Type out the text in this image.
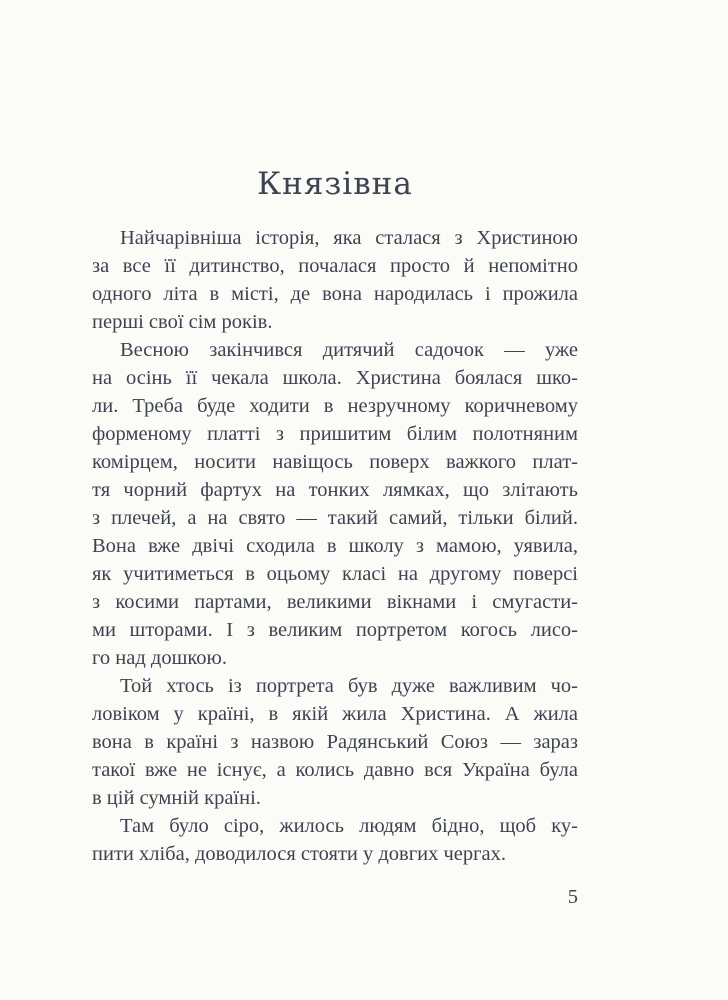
Князівна

Найчарівніша історія, яка сталася з Христиною
за все її дитинство, почалася просто й непомітно
одного літа в місті, де вона народилась і прожила
перші свої сім років.

Весною закінчився дитячий садочок — уже
на осінь її чекала школа. Христина боялася шко-
ли. Треба буде ходити в незручному коричневому
форменому платті з пришитим білим полотняним
комірцем, носити навіщось поверх важкого плат-
тя чорний фартух на тонких лямках, що злітають
з плечей, а на свято — такий самий, тільки білий.
Вона вже двічі сходила в школу з мамою, уявила,
як учитиметься в оцьому класі на другому поверсі
з косими партами, великими вікнами і смугасти-
ми шторами. І з великим портретом когось лисо-
го над дошкою.

Той хтось із портрета був дуже важливим чо-
ловіком у країні, в якій жила Христина. А жила
вона в країні з назвою Радянський Союз — зараз
такої вже не існує, а колись давно вся Україна була
в цій сумній країні.

Там було сіро, жилось людям бідно, щоб ку-
пити хліба, доводилося стояти у довгих чергах.

5
